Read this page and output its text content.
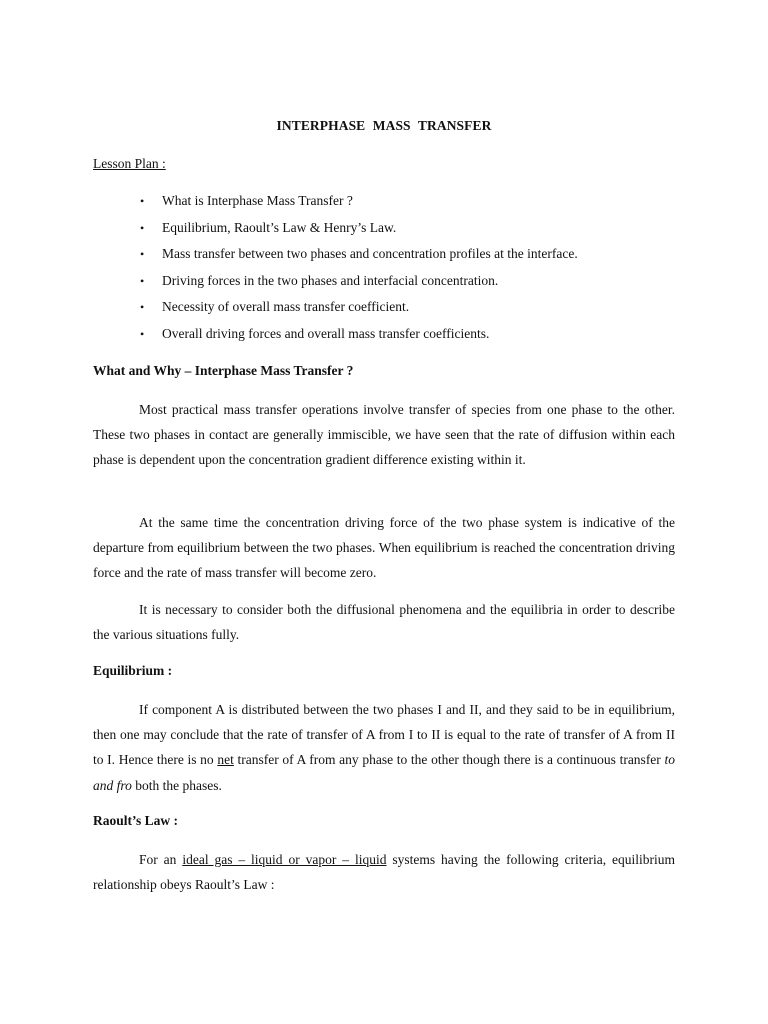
INTERPHASE MASS TRANSFER
Lesson Plan :
• What is Interphase Mass Transfer ?
• Equilibrium, Raoult’s Law & Henry’s Law.
• Mass transfer between two phases and concentration profiles at the interface.
• Driving forces in the two phases and interfacial concentration.
• Necessity of overall mass transfer coefficient.
• Overall driving forces and overall mass transfer coefficients.
What and Why – Interphase Mass Transfer ?

Most practical mass transfer operations involve transfer of species from one phase to the other. These two phases in contact are generally immiscible, we have seen that the rate of diffusion within each phase is dependent upon the concentration gradient difference existing within it.

At the same time the concentration driving force of the two phase system is indicative of the departure from equilibrium between the two phases. When equilibrium is reached the concentration driving force and the rate of mass transfer will become zero.

It is necessary to consider both the diffusional phenomena and the equilibria in order to describe the various situations fully.

Equilibrium :

If component A is distributed between the two phases I and II, and they said to be in equilibrium, then one may conclude that the rate of transfer of A from I to II is equal to the rate of transfer of A from II to I. Hence there is no net transfer of A from any phase to the other though there is a continuous transfer to and fro both the phases.

Raoult’s Law :

For an ideal gas – liquid or vapor – liquid systems having the following criteria, equilibrium relationship obeys Raoult’s Law :
